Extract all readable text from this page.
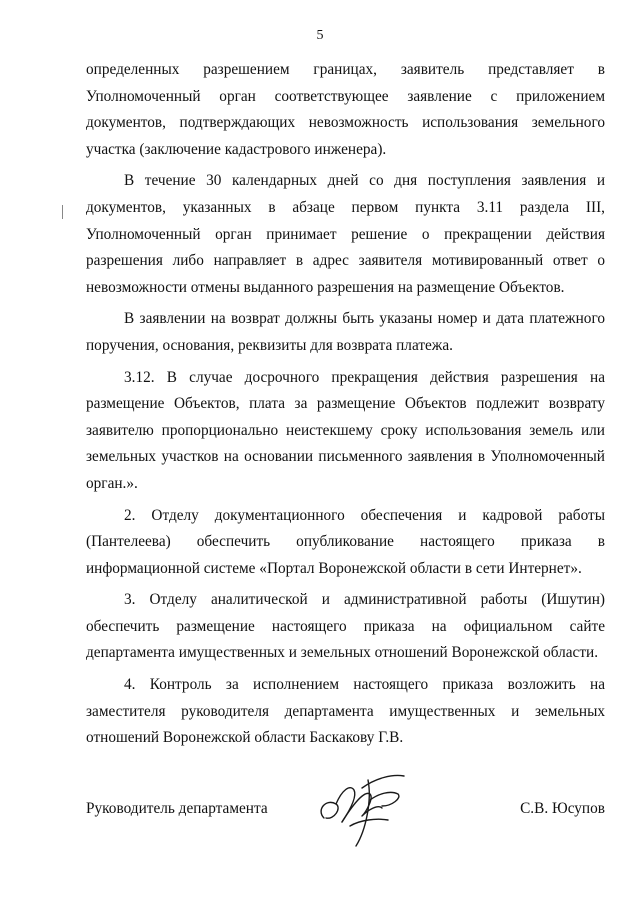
5

определенных разрешением границах, заявитель представляет в Уполномоченный орган соответствующее заявление с приложением документов, подтверждающих невозможность использования земельного участка (заключение кадастрового инженера).

В течение 30 календарных дней со дня поступления заявления и документов, указанных в абзаце первом пункта 3.11 раздела III, Уполномоченный орган принимает решение о прекращении действия разрешения либо направляет в адрес заявителя мотивированный ответ о невозможности отмены выданного разрешения на размещение Объектов.

В заявлении на возврат должны быть указаны номер и дата платежного поручения, основания, реквизиты для возврата платежа.

3.12. В случае досрочного прекращения действия разрешения на размещение Объектов, плата за размещение Объектов подлежит возврату заявителю пропорционально неистекшему сроку использования земель или земельных участков на основании письменного заявления в Уполномоченный орган.».

2. Отделу документационного обеспечения и кадровой работы (Пантелеева) обеспечить опубликование настоящего приказа в информационной системе «Портал Воронежской области в сети Интернет».

3. Отделу аналитической и административной работы (Ишутин) обеспечить размещение настоящего приказа на официальном сайте департамента имущественных и земельных отношений Воронежской области.

4. Контроль за исполнением настоящего приказа возложить на заместителя руководителя департамента имущественных и земельных отношений Воронежской области Баскакову Г.В.

Руководитель департамента	С.В. Юсупов
